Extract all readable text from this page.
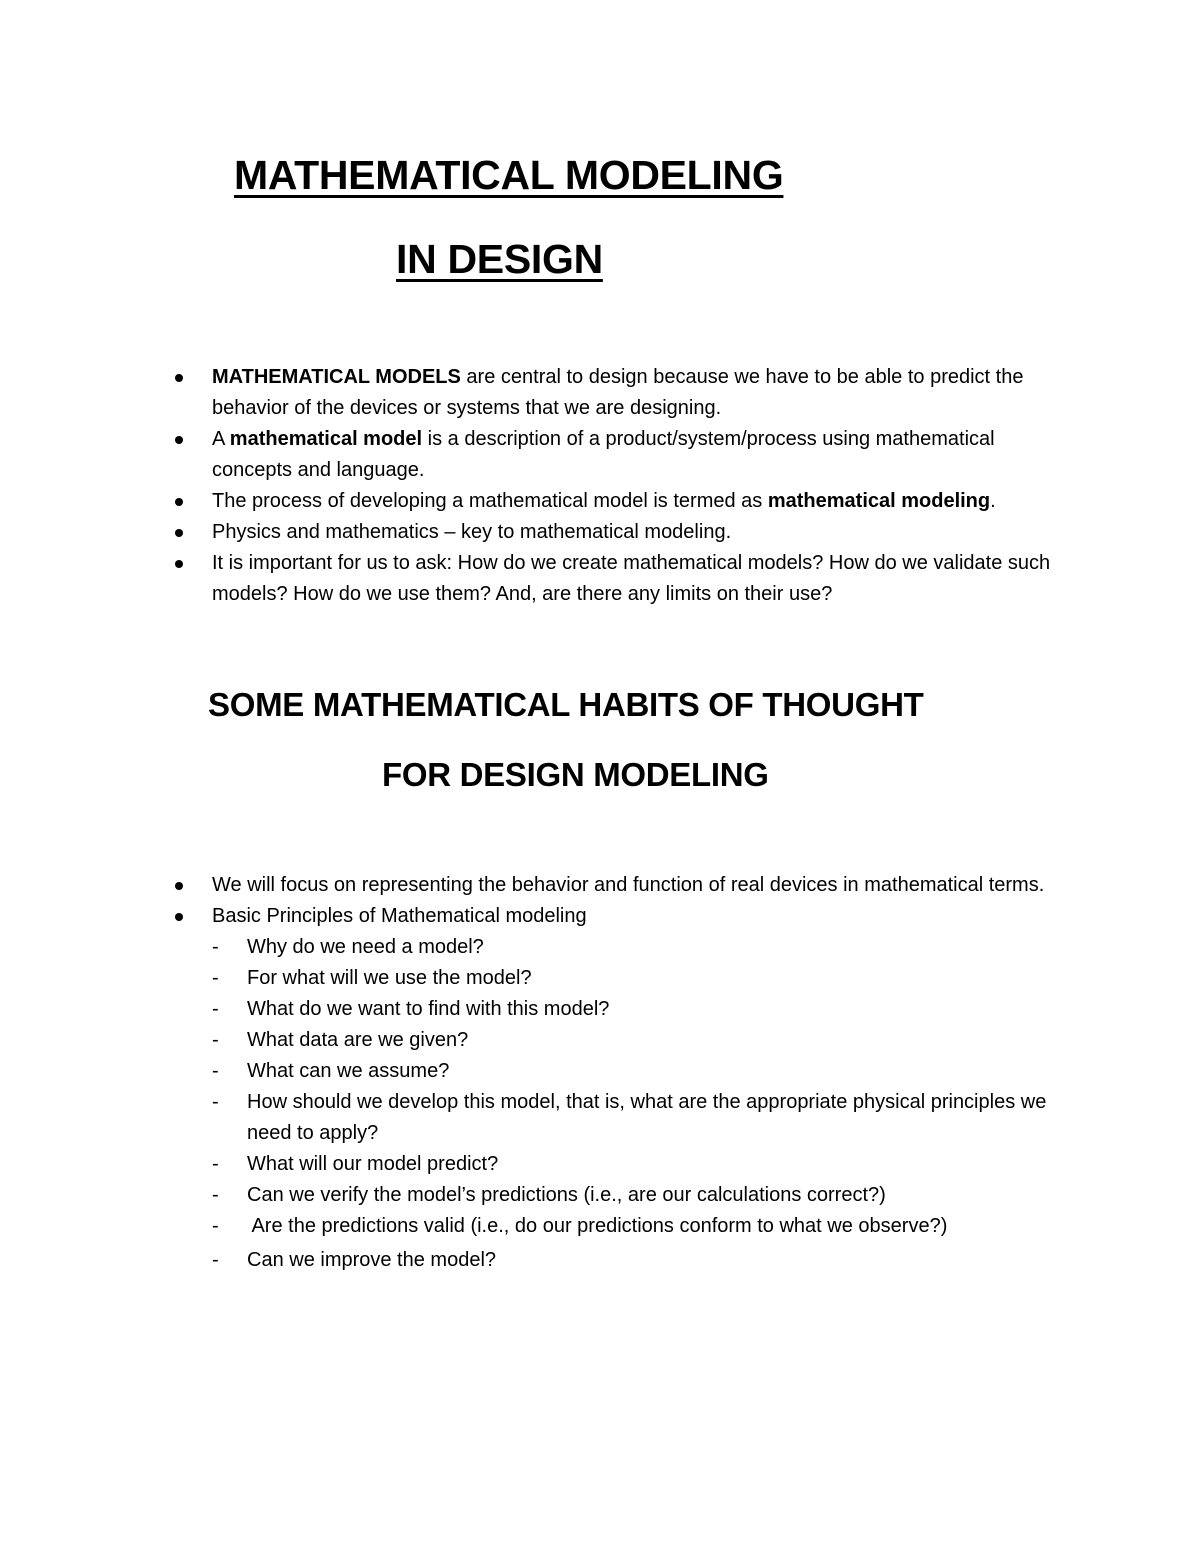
MATHEMATICAL MODELING
IN DESIGN
MATHEMATICAL MODELS are central to design because we have to be able to predict the behavior of the devices or systems that we are designing.
A mathematical model is a description of a product/system/process using mathematical concepts and language.
The process of developing a mathematical model is termed as mathematical modeling.
Physics and mathematics – key to mathematical modeling.
It is important for us to ask: How do we create mathematical models? How do we validate such models? How do we use them? And, are there any limits on their use?
SOME MATHEMATICAL HABITS OF THOUGHT
FOR DESIGN MODELING
We will focus on representing the behavior and function of real devices in mathematical terms.
Basic Principles of Mathematical modeling
- Why do we need a model?
- For what will we use the model?
- What do we want to find with this model?
- What data are we given?
- What can we assume?
- How should we develop this model, that is, what are the appropriate physical principles we need to apply?
- What will our model predict?
- Can we verify the model’s predictions (i.e., are our calculations correct?)
- Are the predictions valid (i.e., do our predictions conform to what we observe?)
- Can we improve the model?
